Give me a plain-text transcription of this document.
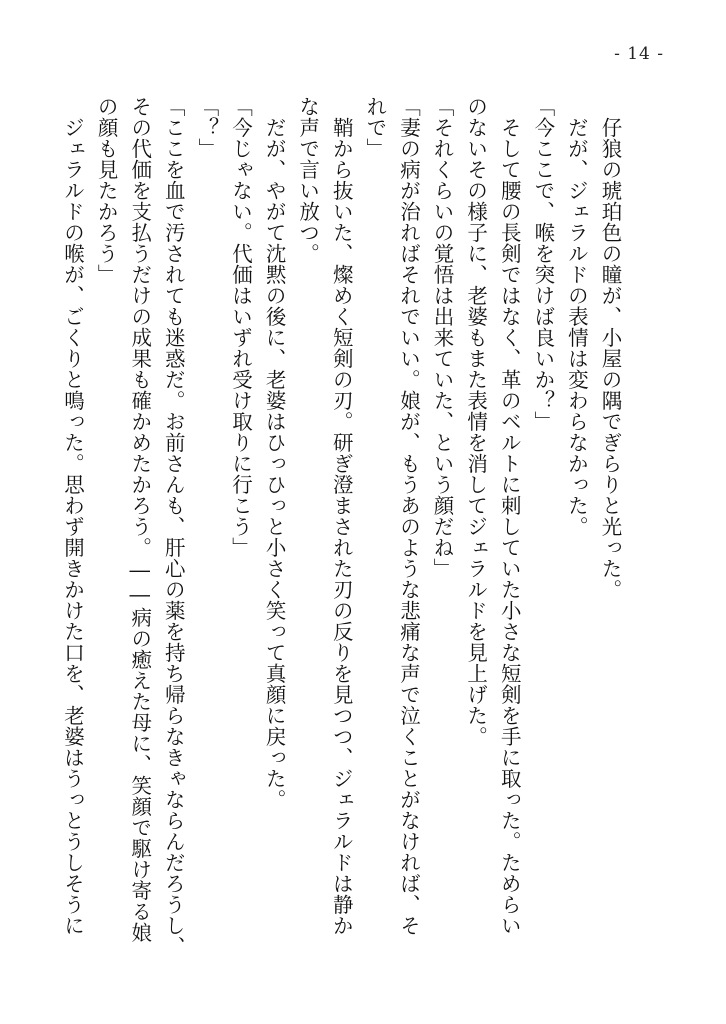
- 14 -
　仔狼の琥珀色の瞳が、小屋の隅でぎらりと光った。
　だが、ジェラルドの表情は変わらなかった。
「今ここで、喉を突けば良いか？」
　そして腰の長剣ではなく、革のベルトに刺していた小さな短剣を手に取った。ためらい
のないその様子に、老婆もまた表情を消してジェラルドを見上げた。
「それくらいの覚悟は出来ていた、という顔だね」
「妻の病が治ればそれでいい。娘が、もうあのような悲痛な声で泣くことがなければ、そ
れで」
　鞘から抜いた、燦めく短剣の刃。研ぎ澄まされた刃の反りを見つつ、ジェラルドは静か
な声で言い放つ。
　だが、やがて沈黙の後に、老婆はひっひっと小さく笑って真顔に戻った。
「今じゃない。代価はいずれ受け取りに行こう」
「？」
「ここを血で汚されても迷惑だ。お前さんも、肝心の薬を持ち帰らなきゃならんだろうし、
その代価を支払うだけの成果も確かめたかろう。――病の癒えた母に、笑顔で駆け寄る娘
の顔も見たかろう」
　ジェラルドの喉が、ごくりと鳴った。思わず開きかけた口を、老婆はうっとうしそうに
